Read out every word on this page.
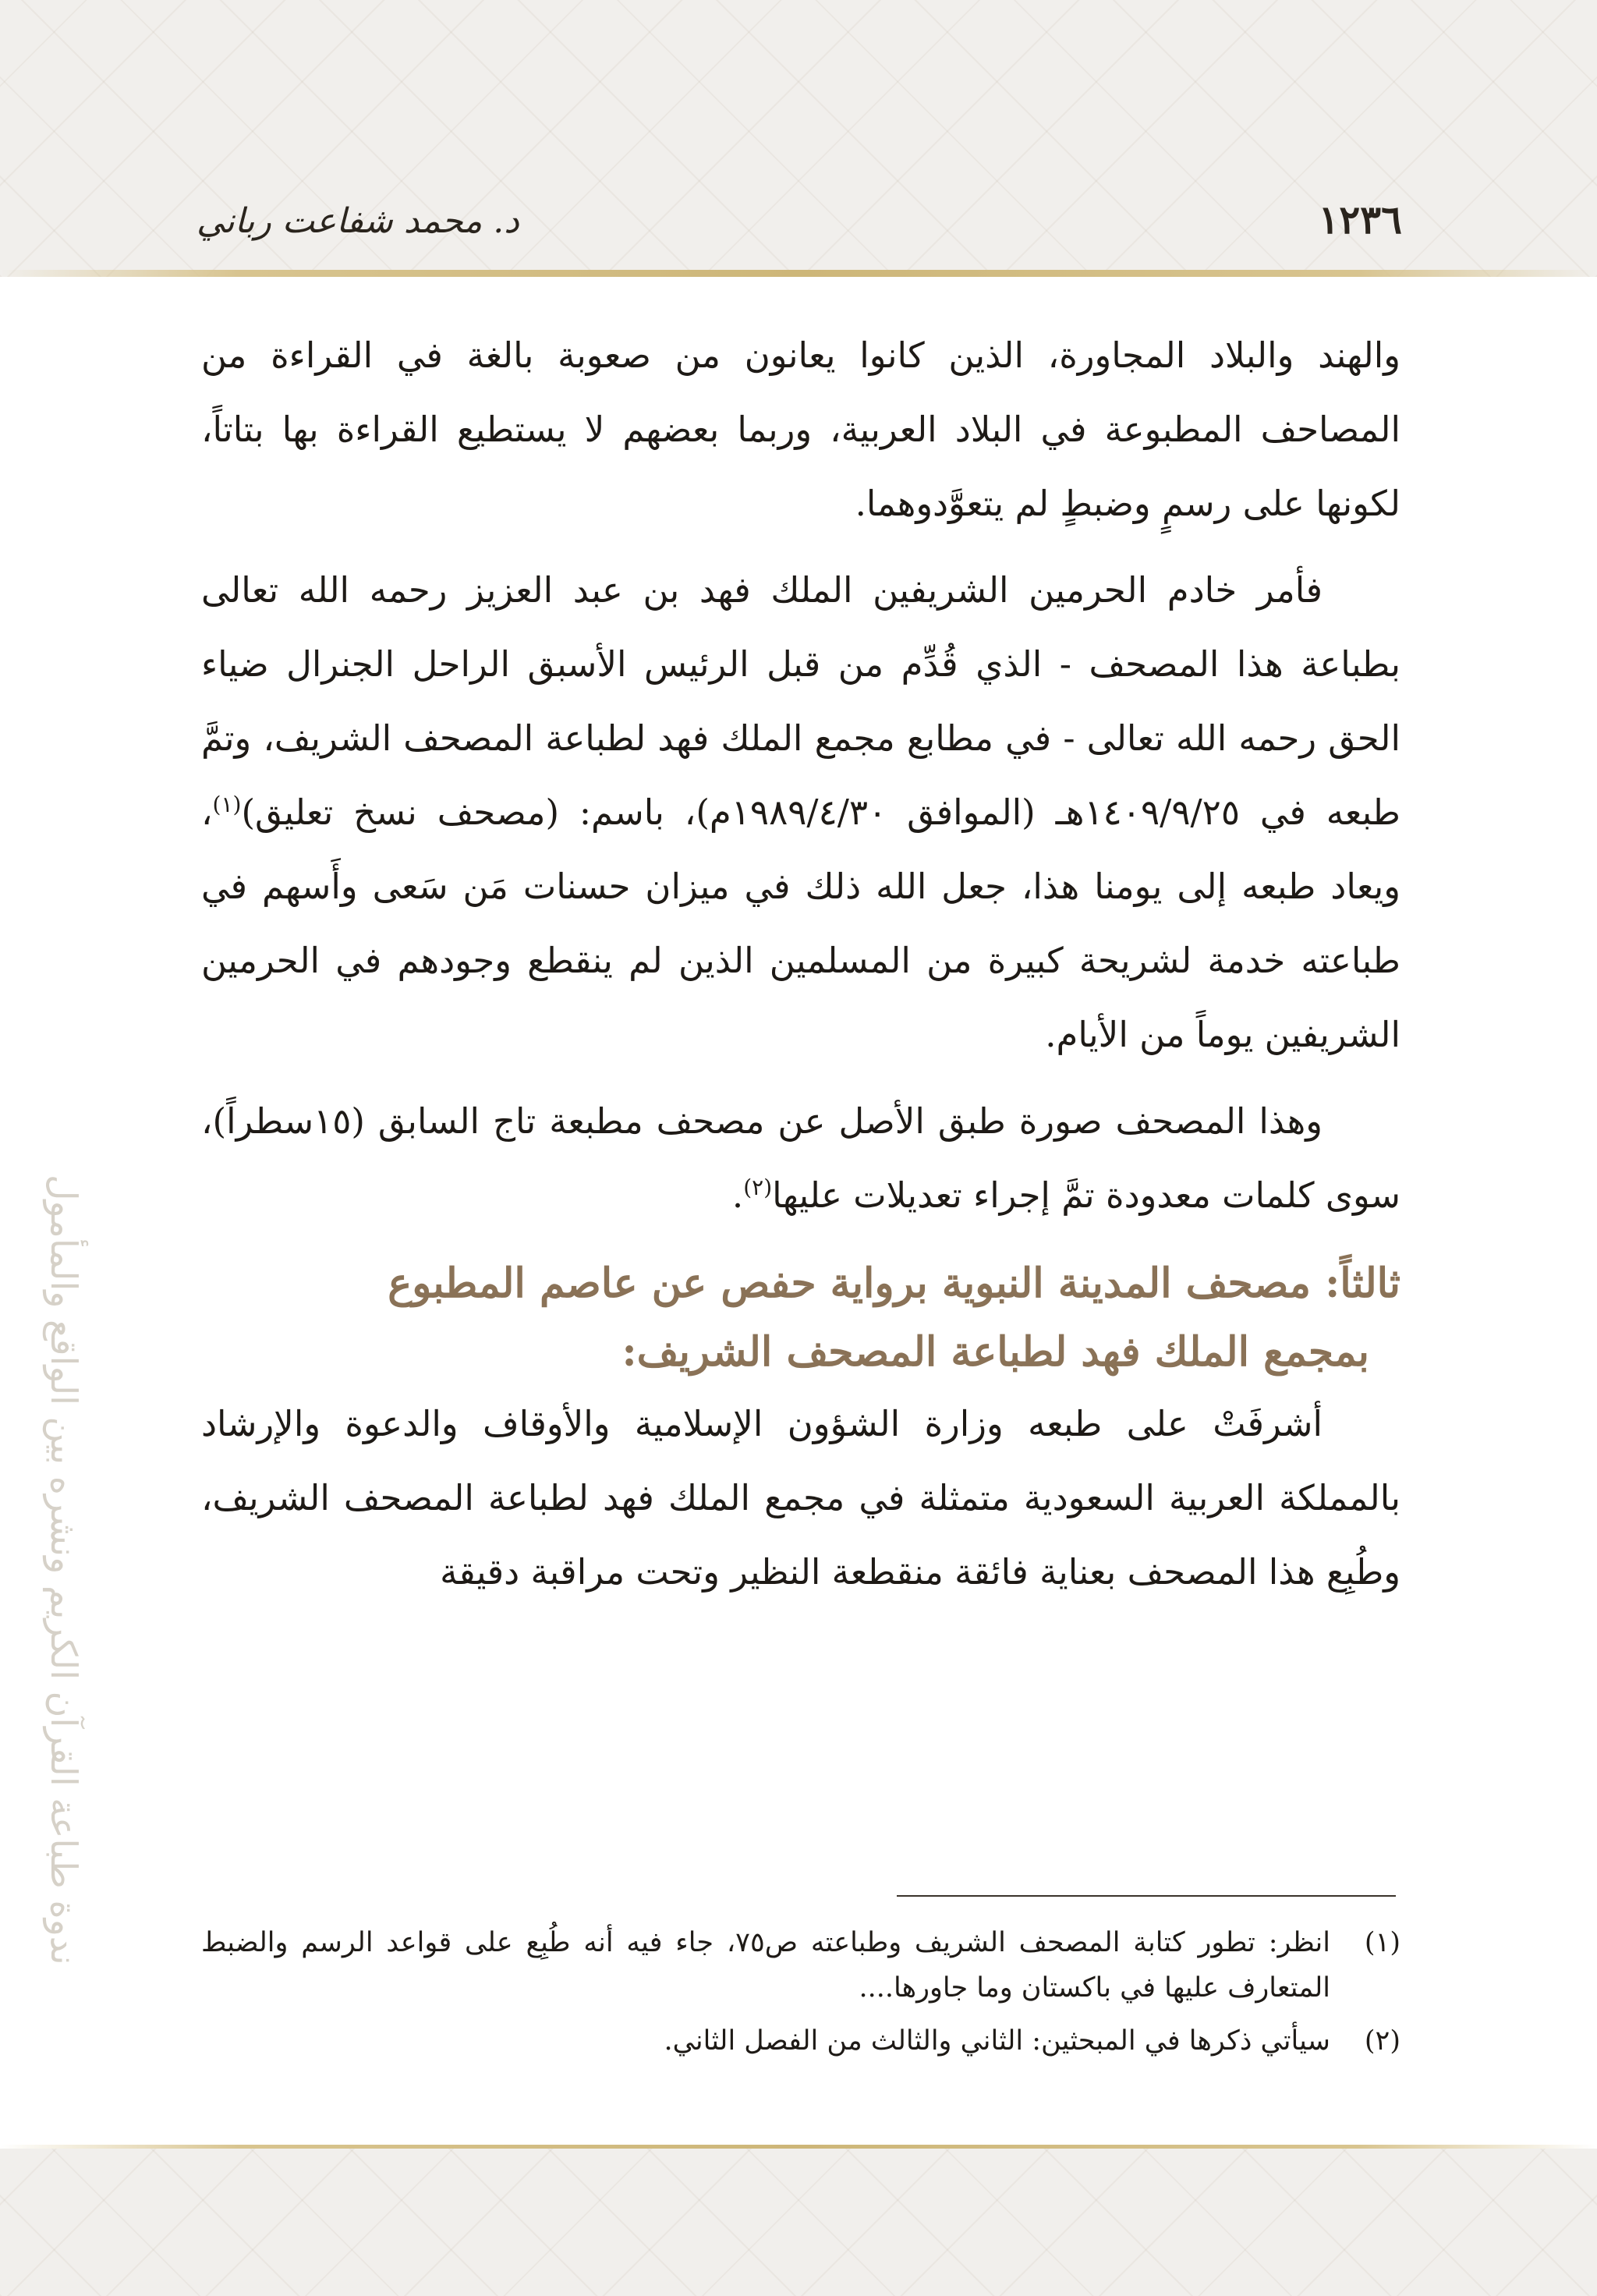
١٢٣٦
د. محمد شفاعت رباني
ندوة طباعة القرآن الكريم ونشره بين الواقع والمأمول

والهند والبلاد المجاورة، الذين كانوا يعانون من صعوبة بالغة في القراءة من المصاحف المطبوعة في البلاد العربية، وربما بعضهم لا يستطيع القراءة بها بتاتاً، لكونها على رسمٍ وضبطٍ لم يتعوَّدوهما.

فأمر خادم الحرمين الشريفين الملك فهد بن عبد العزيز رحمه الله تعالى بطباعة هذا المصحف - الذي قُدِّم من قبل الرئيس الأسبق الراحل الجنرال ضياء الحق رحمه الله تعالى - في مطابع مجمع الملك فهد لطباعة المصحف الشريف، وتمَّ طبعه في ١٤٠٩/٩/٢٥هـ (الموافق ١٩٨٩/٤/٣٠م)، باسم: (مصحف نسخ تعليق)$^{(١)}$، ويعاد طبعه إلى يومنا هذا، جعل الله ذلك في ميزان حسنات مَن سَعى وأَسهم في طباعته خدمة لشريحة كبيرة من المسلمين الذين لم ينقطع وجودهم في الحرمين الشريفين يوماً من الأيام.

وهذا المصحف صورة طبق الأصل عن مصحف مطبعة تاج السابق (١٥سطراً)، سوى كلمات معدودة تمَّ إجراء تعديلات عليها$^{(٢)}$.

ثالثاً: مصحف المدينة النبوية برواية حفص عن عاصم المطبوع
بمجمع الملك فهد لطباعة المصحف الشريف:

أشرفَتْ على طبعه وزارة الشؤون الإسلامية والأوقاف والدعوة والإرشاد بالمملكة العربية السعودية متمثلة في مجمع الملك فهد لطباعة المصحف الشريف، وطُبِع هذا المصحف بعناية فائقة منقطعة النظير وتحت مراقبة دقيقة

(١)
انظر: تطور كتابة المصحف الشريف وطباعته ص٧٥، جاء فيه أنه طُبِع على قواعد الرسم والضبط المتعارف عليها في باكستان وما جاورها....
(٢)
سيأتي ذكرها في المبحثين: الثاني والثالث من الفصل الثاني.
